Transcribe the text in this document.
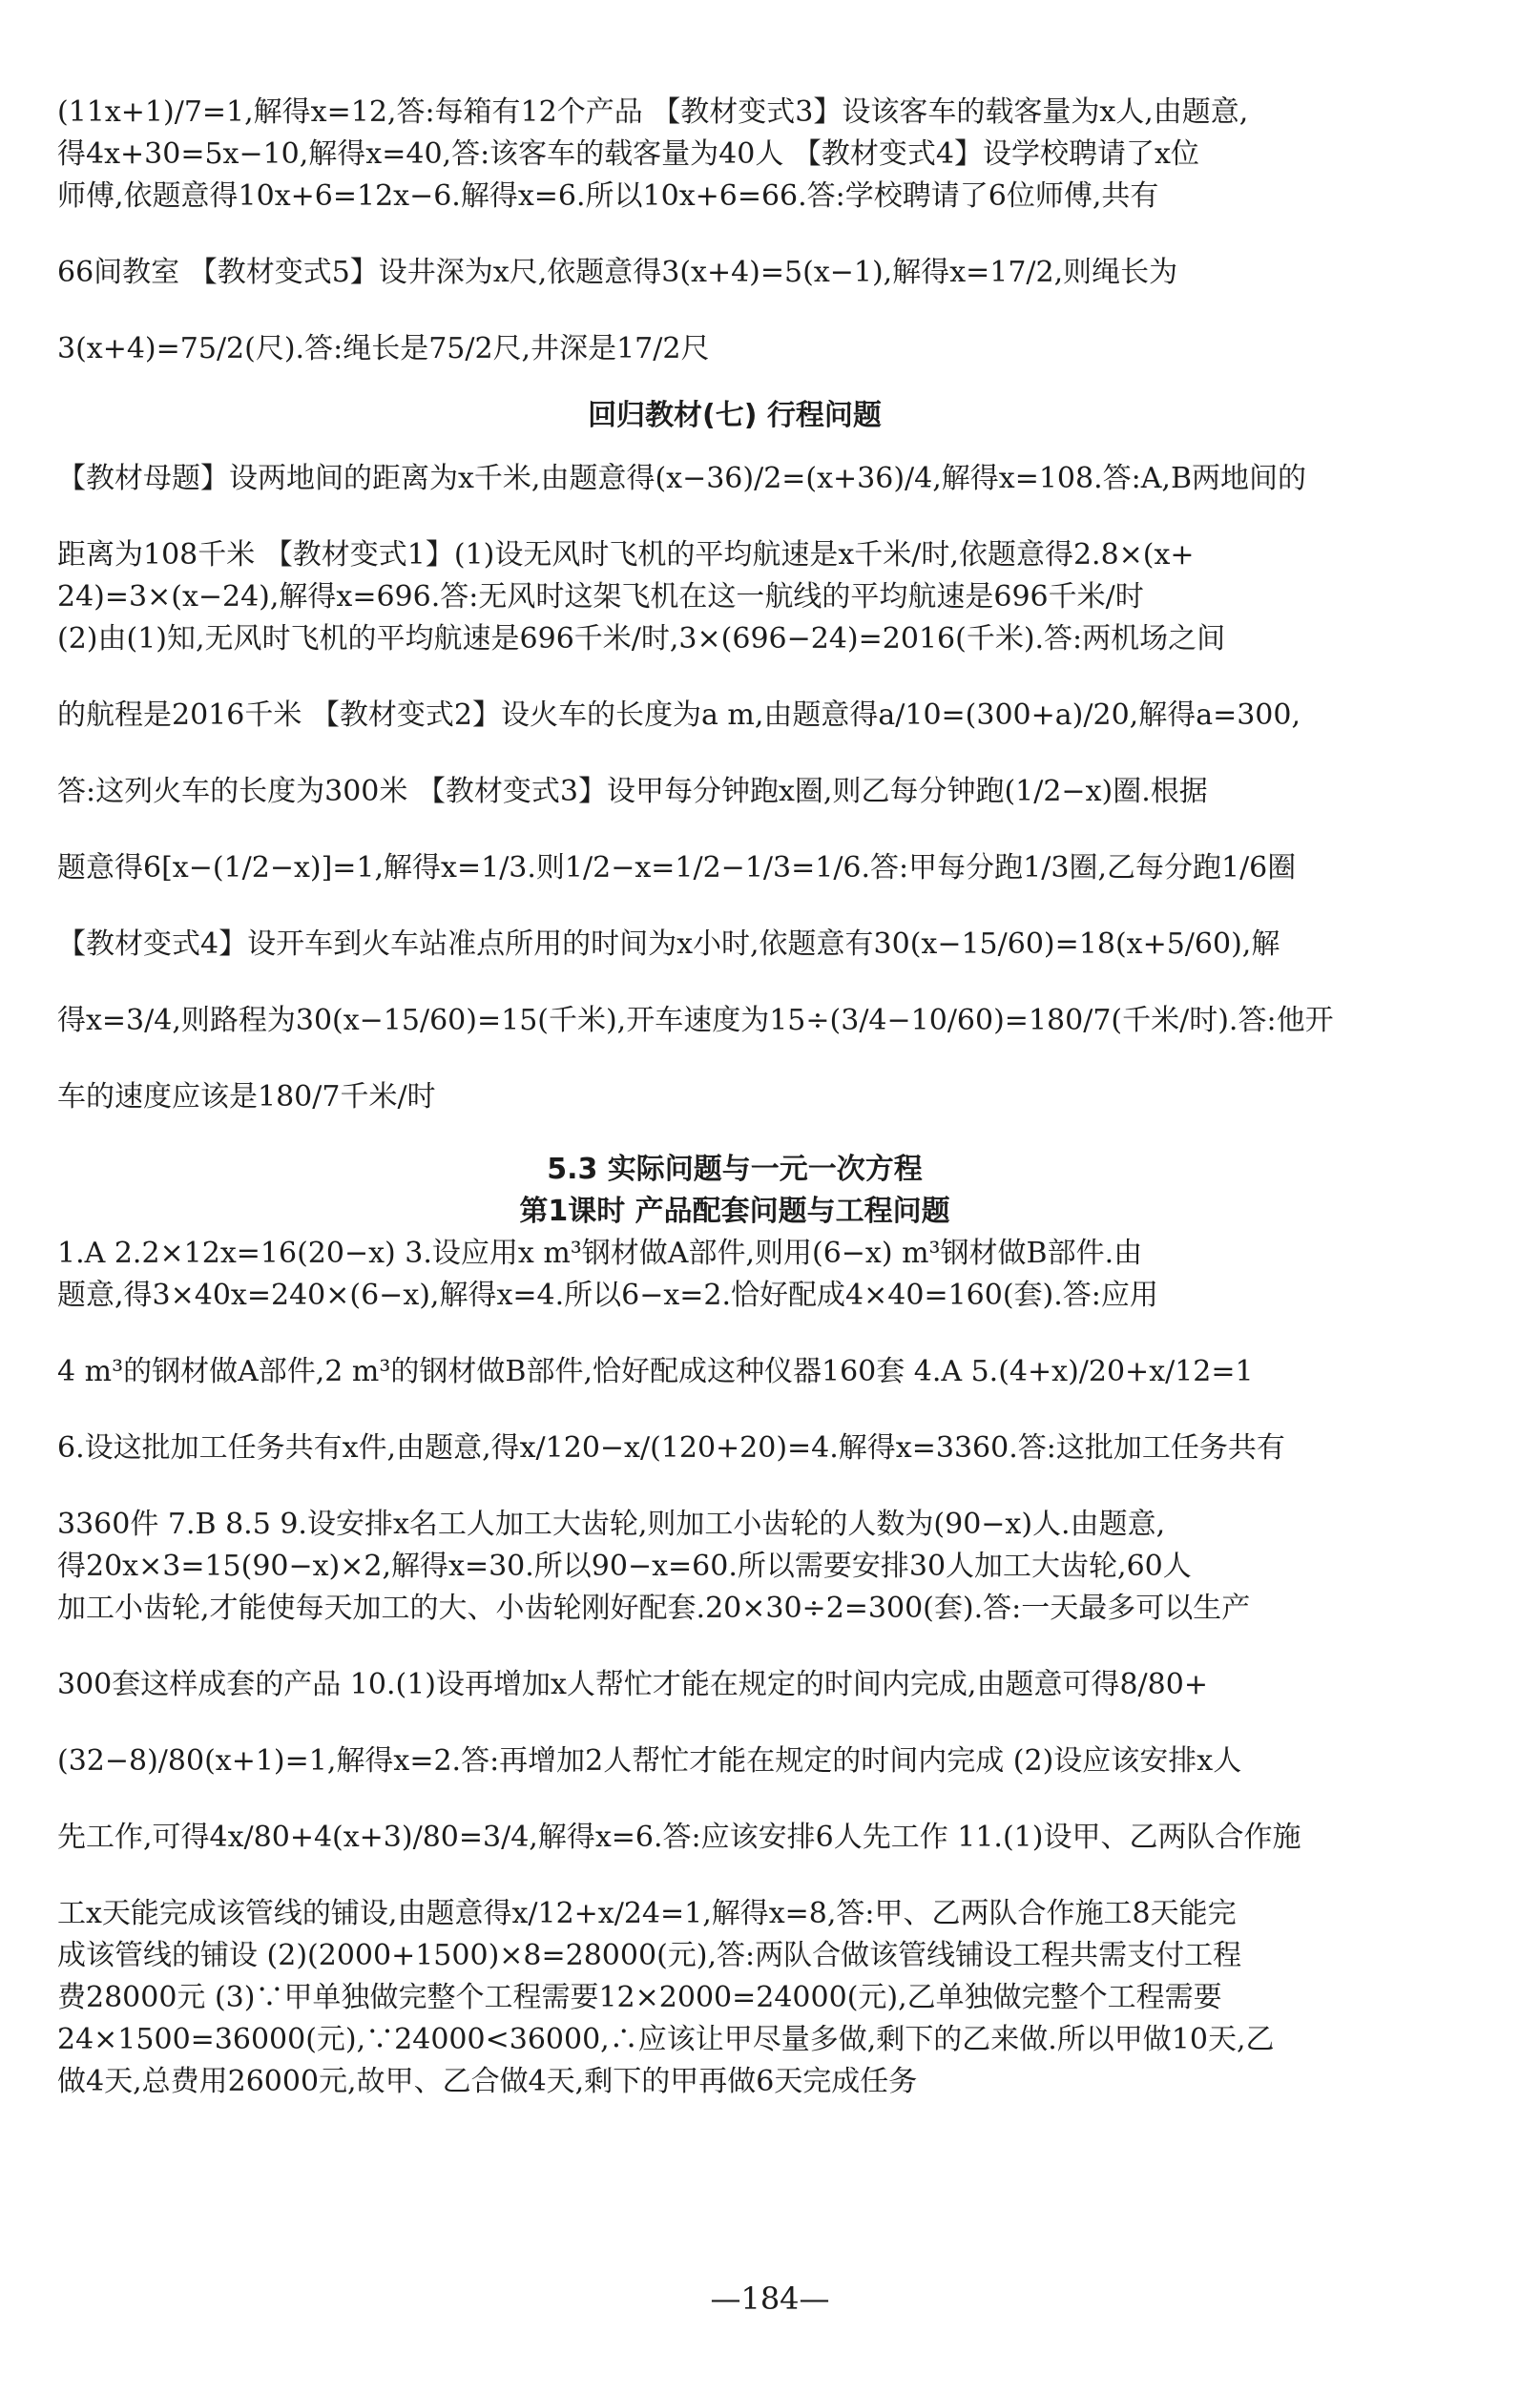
(11x+1)/7=1,解得x=12,答:每箱有12个产品 【教材变式3】设该客车的载客量为x人,由题意,

得4x+30=5x−10,解得x=40,答:该客车的载客量为40人 【教材变式4】设学校聘请了x位

师傅,依题意得10x+6=12x−6.解得x=6.所以10x+6=66.答:学校聘请了6位师傅,共有

66间教室 【教材变式5】设井深为x尺,依题意得3(x+4)=5(x−1),解得x=17/2,则绳长为

3(x+4)=75/2(尺).答:绳长是75/2尺,井深是17/2尺

回归教材(七) 行程问题

【教材母题】设两地间的距离为x千米,由题意得(x−36)/2=(x+36)/4,解得x=108.答:A,B两地间的

距离为108千米 【教材变式1】(1)设无风时飞机的平均航速是x千米/时,依题意得2.8×(x+

24)=3×(x−24),解得x=696.答:无风时这架飞机在这一航线的平均航速是696千米/时

(2)由(1)知,无风时飞机的平均航速是696千米/时,3×(696−24)=2016(千米).答:两机场之间

的航程是2016千米 【教材变式2】设火车的长度为a m,由题意得a/10=(300+a)/20,解得a=300,

答:这列火车的长度为300米 【教材变式3】设甲每分钟跑x圈,则乙每分钟跑(1/2−x)圈.根据

题意得6[x−(1/2−x)]=1,解得x=1/3.则1/2−x=1/2−1/3=1/6.答:甲每分跑1/3圈,乙每分跑1/6圈

【教材变式4】设开车到火车站准点所用的时间为x小时,依题意有30(x−15/60)=18(x+5/60),解

得x=3/4,则路程为30(x−15/60)=15(千米),开车速度为15÷(3/4−10/60)=180/7(千米/时).答:他开

车的速度应该是180/7千米/时

5.3 实际问题与一元一次方程
第1课时 产品配套问题与工程问题

1.A 2.2×12x=16(20−x) 3.设应用x m³钢材做A部件,则用(6−x) m³钢材做B部件.由

题意,得3×40x=240×(6−x),解得x=4.所以6−x=2.恰好配成4×40=160(套).答:应用

4 m³的钢材做A部件,2 m³的钢材做B部件,恰好配成这种仪器160套 4.A 5.(4+x)/20+x/12=1

6.设这批加工任务共有x件,由题意,得x/120−x/(120+20)=4.解得x=3360.答:这批加工任务共有

3360件 7.B 8.5 9.设安排x名工人加工大齿轮,则加工小齿轮的人数为(90−x)人.由题意,

得20x×3=15(90−x)×2,解得x=30.所以90−x=60.所以需要安排30人加工大齿轮,60人

加工小齿轮,才能使每天加工的大、小齿轮刚好配套.20×30÷2=300(套).答:一天最多可以生产

300套这样成套的产品 10.(1)设再增加x人帮忙才能在规定的时间内完成,由题意可得8/80+

(32−8)/80(x+1)=1,解得x=2.答:再增加2人帮忙才能在规定的时间内完成 (2)设应该安排x人

先工作,可得4x/80+4(x+3)/80=3/4,解得x=6.答:应该安排6人先工作 11.(1)设甲、乙两队合作施

工x天能完成该管线的铺设,由题意得x/12+x/24=1,解得x=8,答:甲、乙两队合作施工8天能完

成该管线的铺设 (2)(2000+1500)×8=28000(元),答:两队合做该管线铺设工程共需支付工程

费28000元 (3)∵甲单独做完整个工程需要12×2000=24000(元),乙单独做完整个工程需要

24×1500=36000(元),∵24000<36000,∴应该让甲尽量多做,剩下的乙来做.所以甲做10天,乙

做4天,总费用26000元,故甲、乙合做4天,剩下的甲再做6天完成任务

—184—
